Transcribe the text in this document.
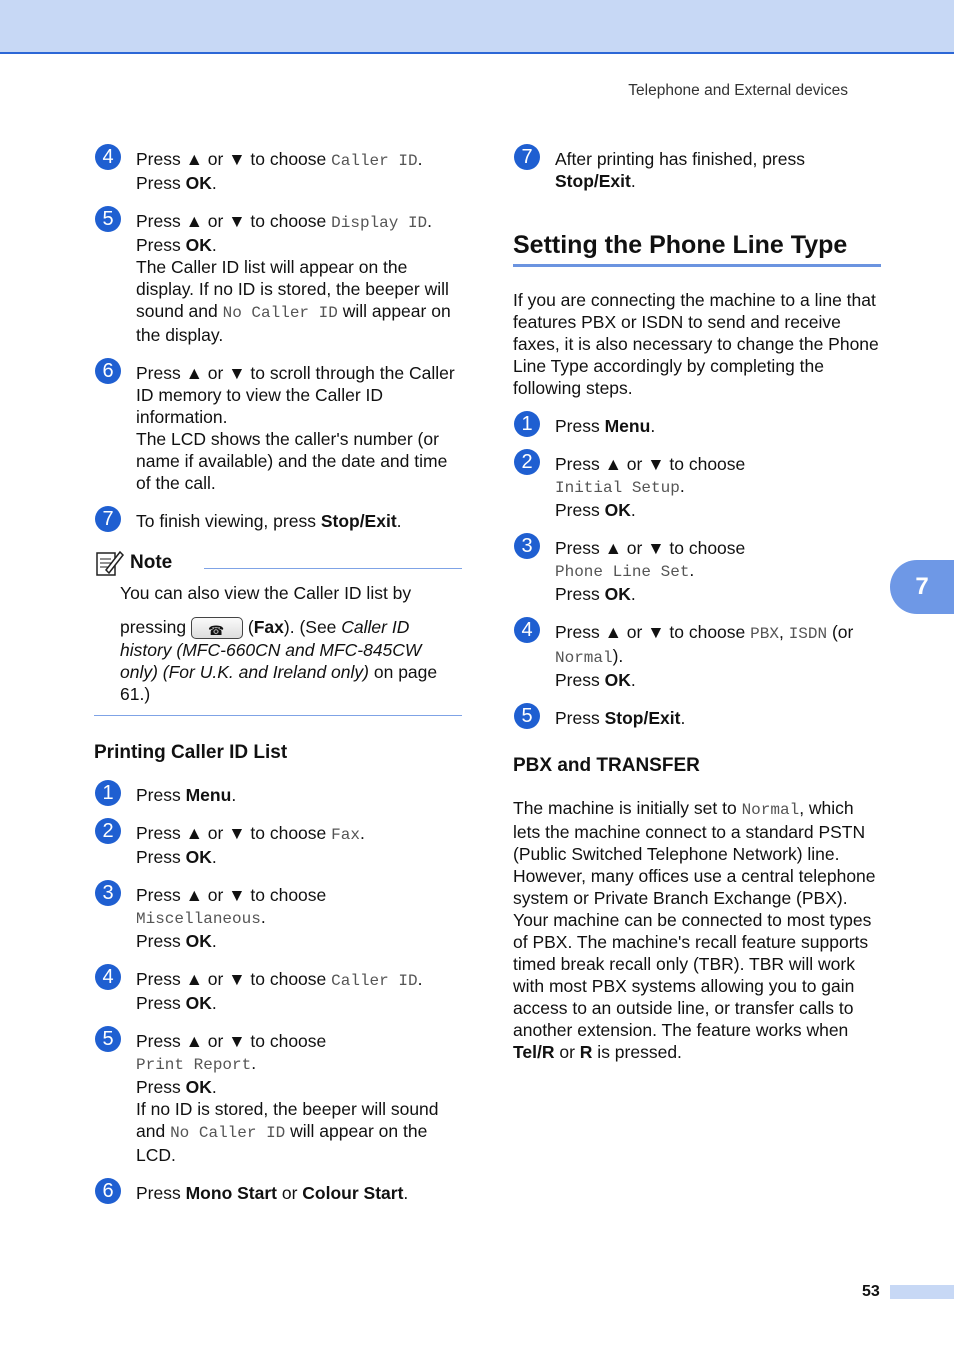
Telephone and External devices
4	Press ▲ or ▼ to choose Caller ID.
Press OK.
5	Press ▲ or ▼ to choose Display ID.
Press OK.
The Caller ID list will appear on the display. If no ID is stored, the beeper will sound and No Caller ID will appear on the display.
6	Press ▲ or ▼ to scroll through the Caller ID memory to view the Caller ID information.
The LCD shows the caller's number (or name if available) and the date and time of the call.
7	To finish viewing, press Stop/Exit.
Note
You can also view the Caller ID list by
pressing ☎ (Fax). (See Caller ID history (MFC-660CN and MFC-845CW only) (For U.K. and Ireland only) on page 61.)
Printing Caller ID List
1	Press Menu.
2	Press ▲ or ▼ to choose Fax.
Press OK.
3	Press ▲ or ▼ to choose
Miscellaneous.
Press OK.
4	Press ▲ or ▼ to choose Caller ID.
Press OK.
5	Press ▲ or ▼ to choose
Print Report.
Press OK.
If no ID is stored, the beeper will sound and No Caller ID will appear on the LCD.
6	Press Mono Start or Colour Start.
7	After printing has finished, press
Stop/Exit.
Setting the Phone Line Type
If you are connecting the machine to a line that features PBX or ISDN to send and receive faxes, it is also necessary to change the Phone Line Type accordingly by completing the following steps.
1	Press Menu.
2	Press ▲ or ▼ to choose
Initial Setup.
Press OK.
3	Press ▲ or ▼ to choose
Phone Line Set.
Press OK.
4	Press ▲ or ▼ to choose PBX, ISDN (or Normal).
Press OK.
5	Press Stop/Exit.
PBX and TRANSFER
The machine is initially set to Normal, which lets the machine connect to a standard PSTN (Public Switched Telephone Network) line. However, many offices use a central telephone system or Private Branch Exchange (PBX). Your machine can be connected to most types of PBX. The machine's recall feature supports timed break recall only (TBR). TBR will work with most PBX systems allowing you to gain access to an outside line, or transfer calls to another extension. The feature works when Tel/R or R is pressed.
7
53
